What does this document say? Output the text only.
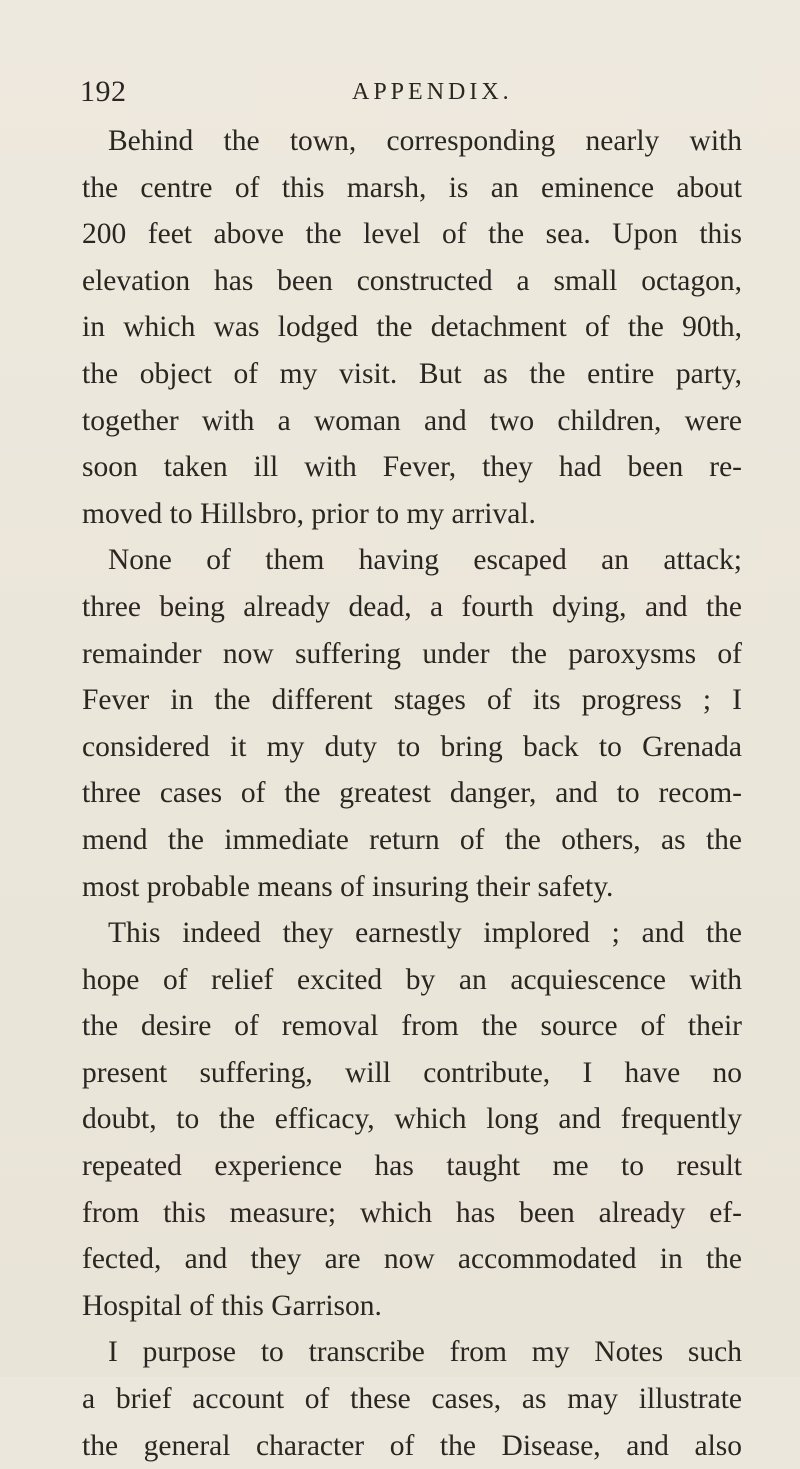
192	APPENDIX.
Behind the town, corresponding nearly with
the centre of this marsh, is an eminence about
200 feet above the level of the sea. Upon this
elevation has been constructed a small octagon,
in which was lodged the detachment of the 90th,
the object of my visit. But as the entire party,
together with a woman and two children, were
soon taken ill with Fever, they had been re-
moved to Hillsbro, prior to my arrival.
None of them having escaped an attack;
three being already dead, a fourth dying, and the
remainder now suffering under the paroxysms of
Fever in the different stages of its progress ; I
considered it my duty to bring back to Grenada
three cases of the greatest danger, and to recom-
mend the immediate return of the others, as the
most probable means of insuring their safety.
This indeed they earnestly implored ; and the
hope of relief excited by an acquiescence with
the desire of removal from the source of their
present suffering, will contribute, I have no
doubt, to the efficacy, which long and frequently
repeated experience has taught me to result
from this measure; which has been already ef-
fected, and they are now accommodated in the
Hospital of this Garrison.
I purpose to transcribe from my Notes such
a brief account of these cases, as may illustrate
the general character of the Disease, and also
